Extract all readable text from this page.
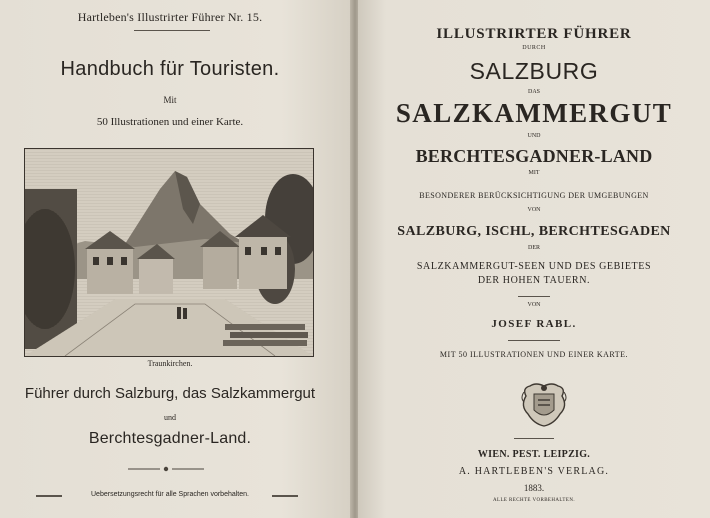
Hartleben's Illustrirter Führer Nr. 15.
Handbuch für Touristen.
Mit
50 Illustrationen und einer Karte.
Traunkirchen.
Führer durch Salzburg, das Salzkammergut
und
Berchtesgadner-Land.
Uebersetzungsrecht für alle Sprachen vorbehalten.
ILLUSTRIRTER FÜHRER
DURCH
SALZBURG
DAS
SALZKAMMERGUT
UND
BERCHTESGADNER-LAND
MIT
BESONDERER BERÜCKSICHTIGUNG DER UMGEBUNGEN
VON
SALZBURG, ISCHL, BERCHTESGADEN
DER
SALZKAMMERGUT-SEEN UND DES GEBIETES
DER HOHEN TAUERN.
VON
JOSEF RABL.
MIT 50 ILLUSTRATIONEN UND EINER KARTE.
WIEN. PEST. LEIPZIG.
A. HARTLEBEN'S VERLAG.
1883.
ALLE RECHTE VORBEHALTEN.
